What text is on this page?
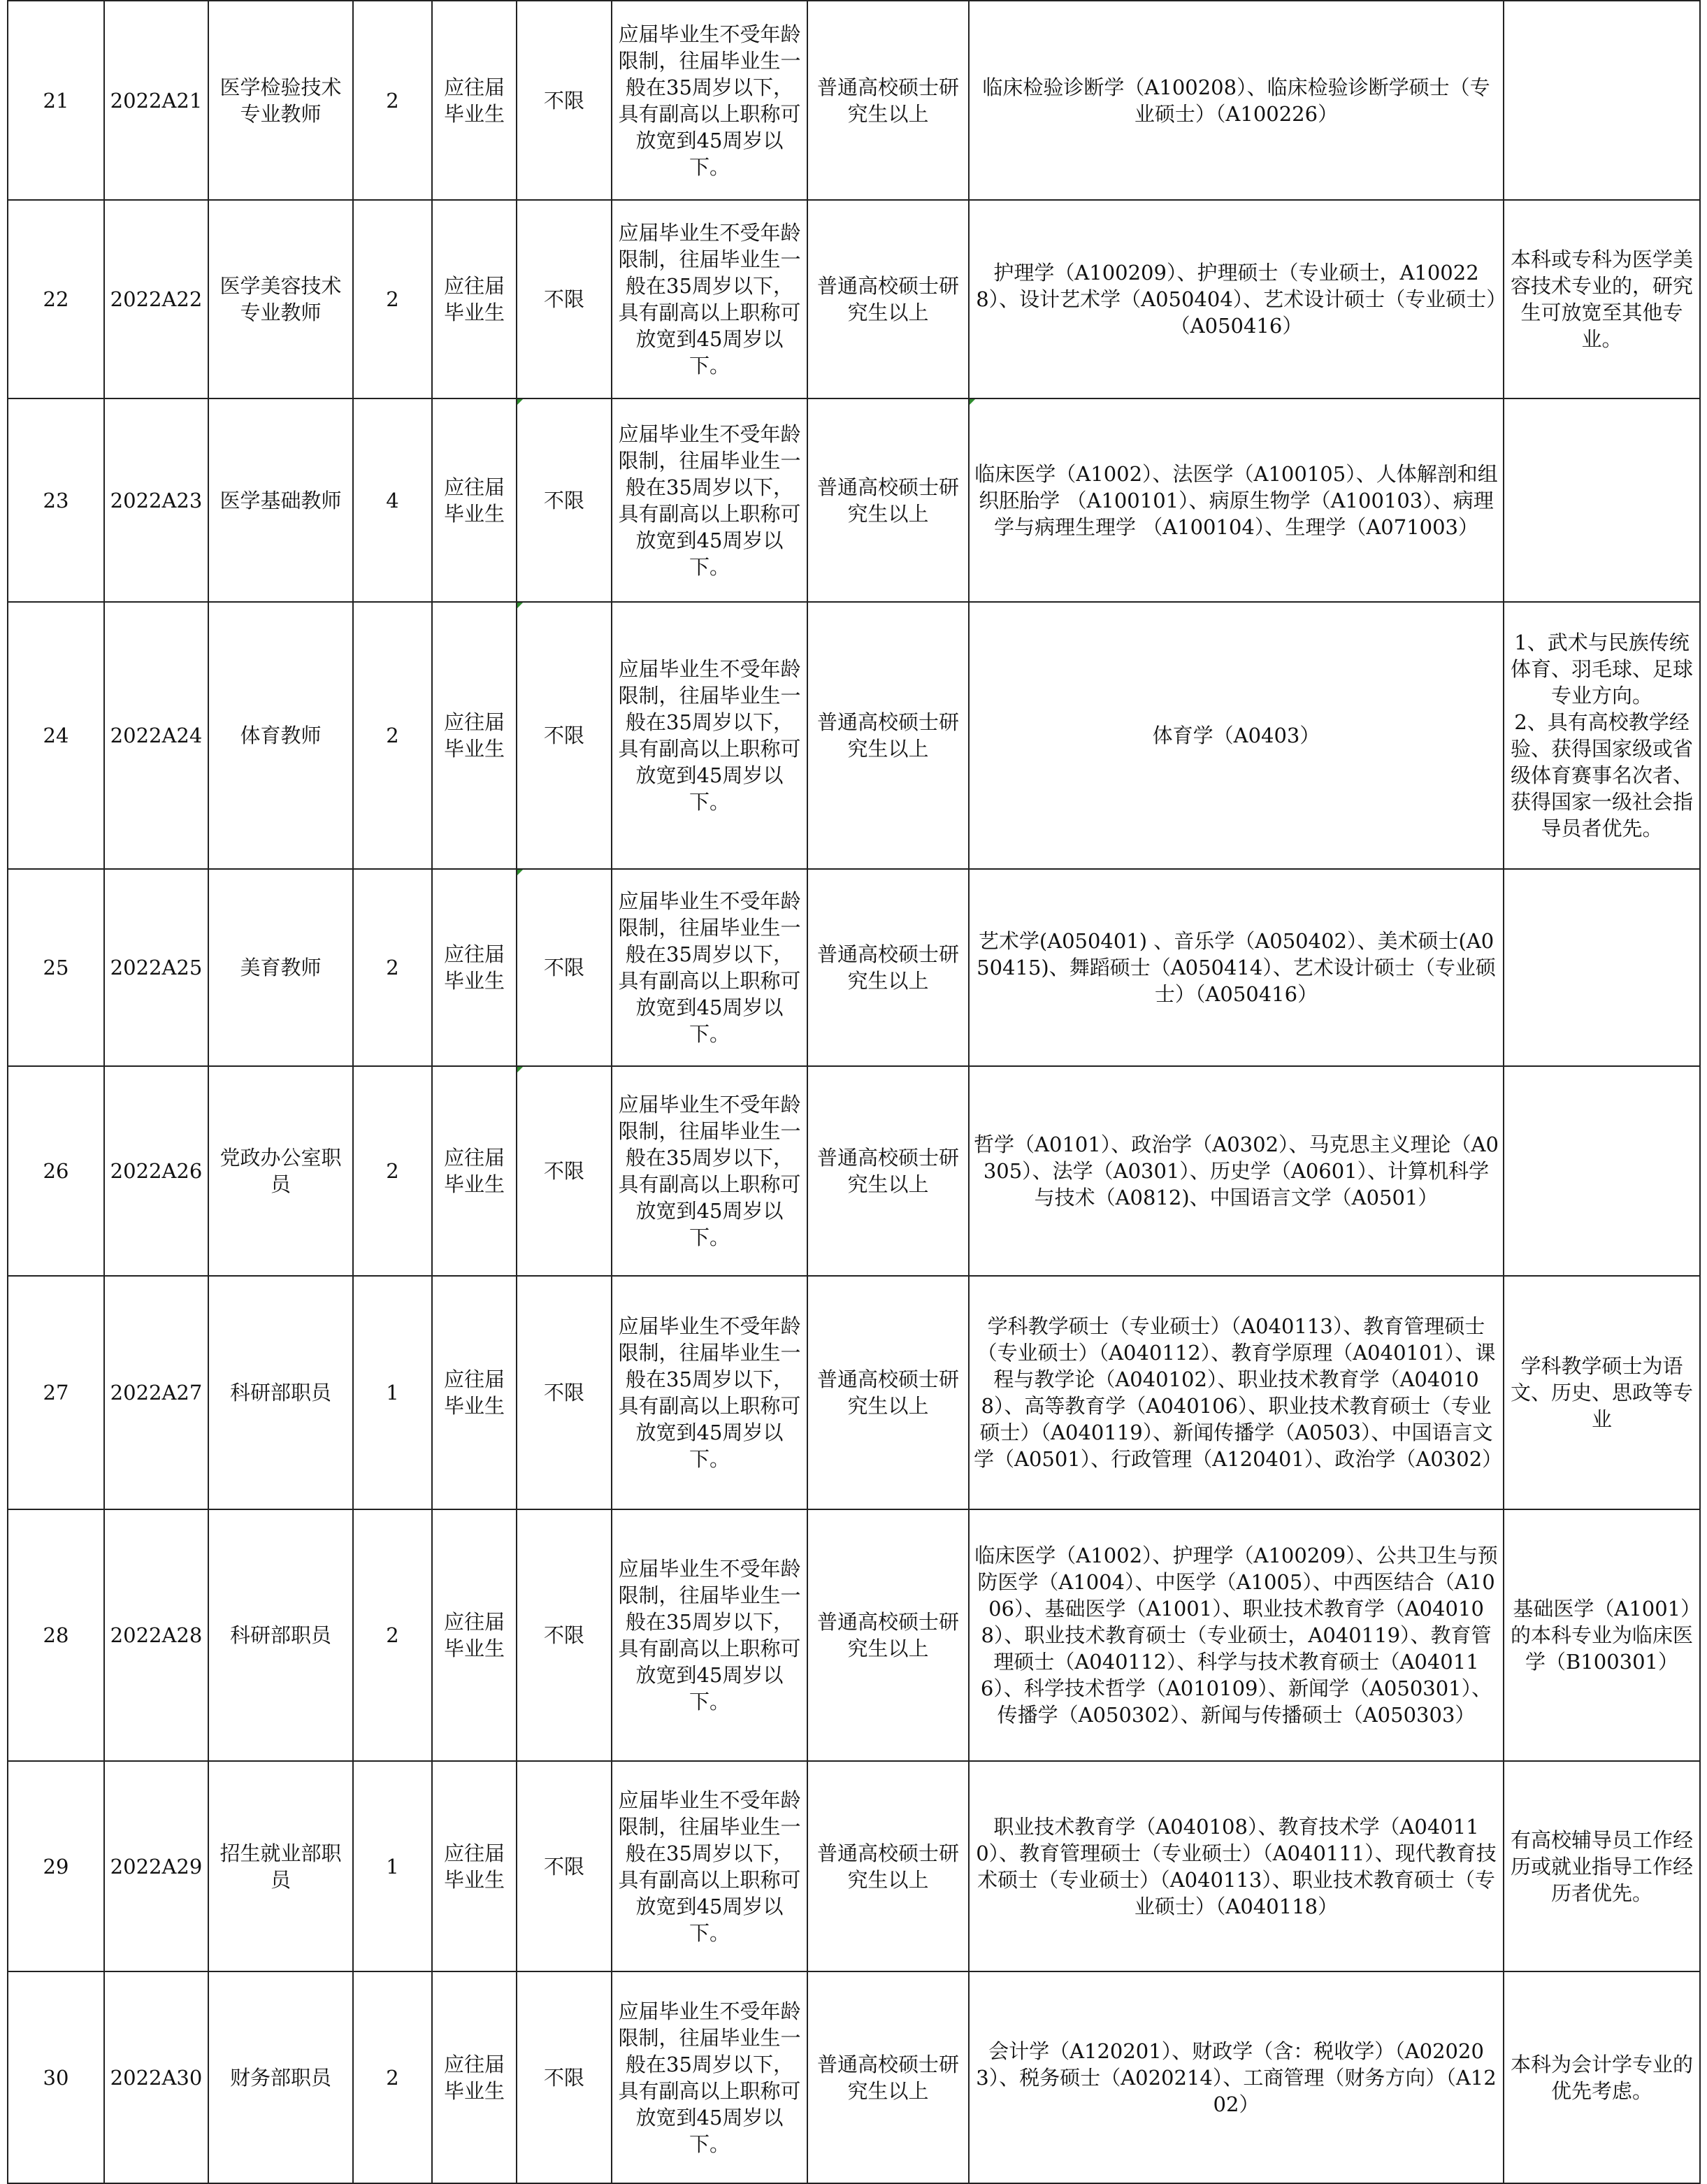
21	2022A21	医学检验技术专业教师	2	应往届毕业生	不限	应届毕业生不受年龄限制，往届毕业生一般在35周岁以下，具有副高以上职称可放宽到45周岁以下。	普通高校硕士研究生以上	临床检验诊断学（A100208）、临床检验诊断学硕士（专业硕士）（A100226）	
22	2022A22	医学美容技术专业教师	2	应往届毕业生	不限	应届毕业生不受年龄限制，往届毕业生一般在35周岁以下，具有副高以上职称可放宽到45周岁以下。	普通高校硕士研究生以上	护理学（A100209）、护理硕士（专业硕士，A100228）、设计艺术学（A050404）、艺术设计硕士（专业硕士）（A050416）	本科或专科为医学美容技术专业的，研究生可放宽至其他专业。
23	2022A23	医学基础教师	4	应往届毕业生	不限	应届毕业生不受年龄限制，往届毕业生一般在35周岁以下，具有副高以上职称可放宽到45周岁以下。	普通高校硕士研究生以上	临床医学（A1002）、法医学（A100105）、人体解剖和组织胚胎学 （A100101）、病原生物学（A100103）、病理学与病理生理学 （A100104）、生理学（A071003）	
24	2022A24	体育教师	2	应往届毕业生	不限	应届毕业生不受年龄限制，往届毕业生一般在35周岁以下，具有副高以上职称可放宽到45周岁以下。	普通高校硕士研究生以上	体育学（A0403）	1、武术与民族传统体育、羽毛球、足球专业方向。
2、具有高校教学经验、获得国家级或省级体育赛事名次者、获得国家一级社会指导员者优先。

25	2022A25	美育教师	2	应往届毕业生	不限	应届毕业生不受年龄限制，往届毕业生一般在35周岁以下，具有副高以上职称可放宽到45周岁以下。	普通高校硕士研究生以上	艺术学(A050401) 、音乐学（A050402）、美术硕士(A050415)、舞蹈硕士（A050414）、艺术设计硕士（专业硕士）（A050416）	
26	2022A26	党政办公室职员	2	应往届毕业生	不限	应届毕业生不受年龄限制，往届毕业生一般在35周岁以下，具有副高以上职称可放宽到45周岁以下。	普通高校硕士研究生以上	哲学（A0101）、政治学（A0302）、马克思主义理论（A0305）、法学（A0301）、历史学（A0601）、计算机科学与技术（A0812)、中国语言文学（A0501）	
27	2022A27	科研部职员	1	应往届毕业生	不限	应届毕业生不受年龄限制，往届毕业生一般在35周岁以下，具有副高以上职称可放宽到45周岁以下。	普通高校硕士研究生以上	学科教学硕士（专业硕士）（A040113）、教育管理硕士（专业硕士）（A040112）、教育学原理（A040101）、课程与教学论（A040102）、职业技术教育学（A040108）、高等教育学（A040106）、职业技术教育硕士（专业硕士）（A040119）、新闻传播学（A0503）、中国语言文学（A0501）、行政管理（A120401）、政治学（A0302）	学科教学硕士为语文、历史、思政等专业
28	2022A28	科研部职员	2	应往届毕业生	不限	应届毕业生不受年龄限制，往届毕业生一般在35周岁以下，具有副高以上职称可放宽到45周岁以下。	普通高校硕士研究生以上	临床医学（A1002）、护理学（A100209）、公共卫生与预防医学（A1004）、中医学（A1005）、中西医结合（A1006）、基础医学（A1001）、职业技术教育学（A040108）、职业技术教育硕士（专业硕士，A040119）、教育管理硕士（A040112）、科学与技术教育硕士（A040116）、科学技术哲学（A010109）、新闻学（A050301）、传播学（A050302）、新闻与传播硕士（A050303）	基础医学（A1001）的本科专业为临床医学（B100301）
29	2022A29	招生就业部职员	1	应往届毕业生	不限	应届毕业生不受年龄限制，往届毕业生一般在35周岁以下，具有副高以上职称可放宽到45周岁以下。	普通高校硕士研究生以上	职业技术教育学（A040108）、教育技术学（A040110）、教育管理硕士（专业硕士）（A040111）、现代教育技术硕士（专业硕士）（A040113）、职业技术教育硕士（专业硕士）（A040118）	有高校辅导员工作经历或就业指导工作经历者优先。
30	2022A30	财务部职员	2	应往届毕业生	不限	应届毕业生不受年龄限制，往届毕业生一般在35周岁以下，具有副高以上职称可放宽到45周岁以下。	普通高校硕士研究生以上	会计学（A120201）、财政学（含：税收学）（A020203）、税务硕士（A020214）、工商管理（财务方向）（A1202）	本科为会计学专业的优先考虑。
